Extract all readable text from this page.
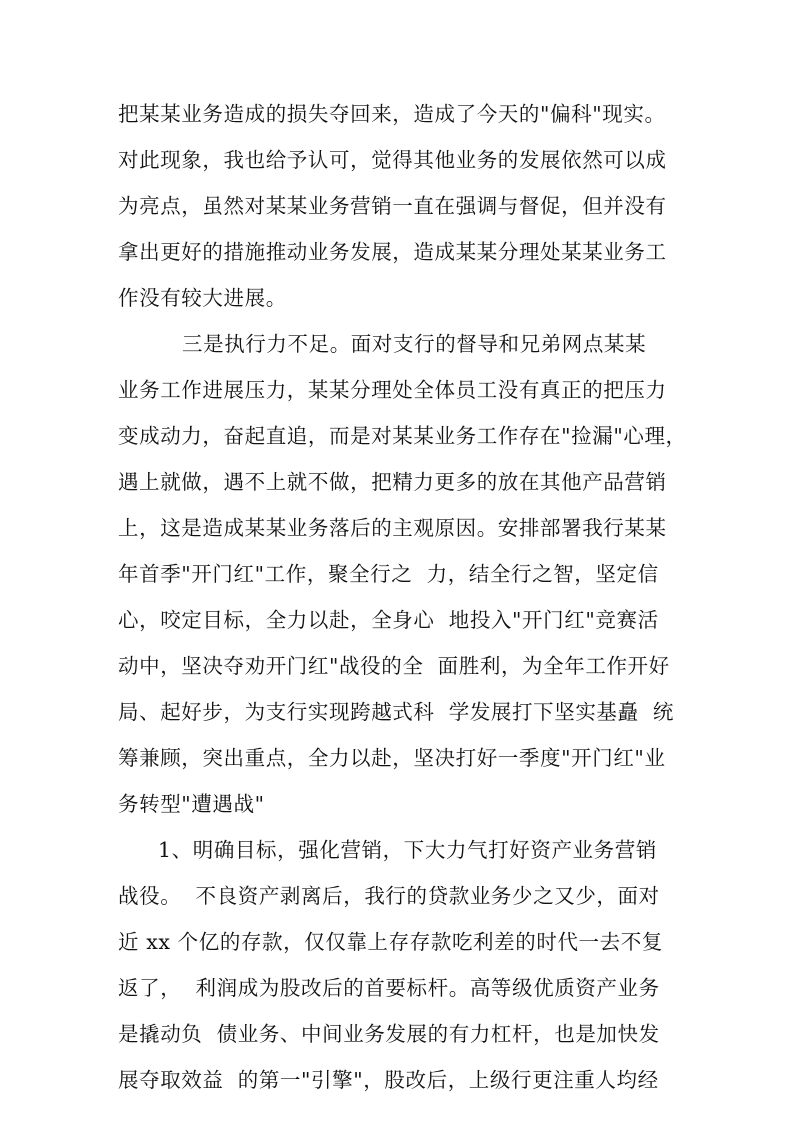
把某某业务造成的损失夺回来，造成了今天的"偏科"现实。
对此现象，我也给予认可，觉得其他业务的发展依然可以成
为亮点，虽然对某某业务营销一直在强调与督促，但并没有
拿出更好的措施推动业务发展，造成某某分理处某某业务工
作没有较大进展。
三是执行力不足。面对支行的督导和兄弟网点某某
业务工作进展压力，某某分理处全体员工没有真正的把压力
变成动力，奋起直追，而是对某某业务工作存在"捡漏"心理，
遇上就做，遇不上就不做，把精力更多的放在其他产品营销
上，这是造成某某业务落后的主观原因。安排部署我行某某
年首季"开门红"工作，聚全行之  力，结全行之智，坚定信
心，咬定目标，全力以赴，全身心  地投入"开门红"竞赛活
动中，坚决夺劝开门红"战役的全  面胜利，为全年工作开好
局、起好步，为支行实现跨越式科  学发展打下坚实基矗  统
筹兼顾，突出重点，全力以赴，坚决打好一季度"开门红"业
务转型"遭遇战"
1、明确目标，强化营销，下大力气打好资产业务营销
战役。  不良资产剥离后，我行的贷款业务少之又少，面对
近 xx 个亿的存款，仅仅靠上存存款吃利差的时代一去不复
返了，  利润成为股改后的首要标杆。高等级优质资产业务
是撬动负  债业务、中间业务发展的有力杠杆，也是加快发
展夺取效益  的第一"引擎"，股改后，上级行更注重人均经
